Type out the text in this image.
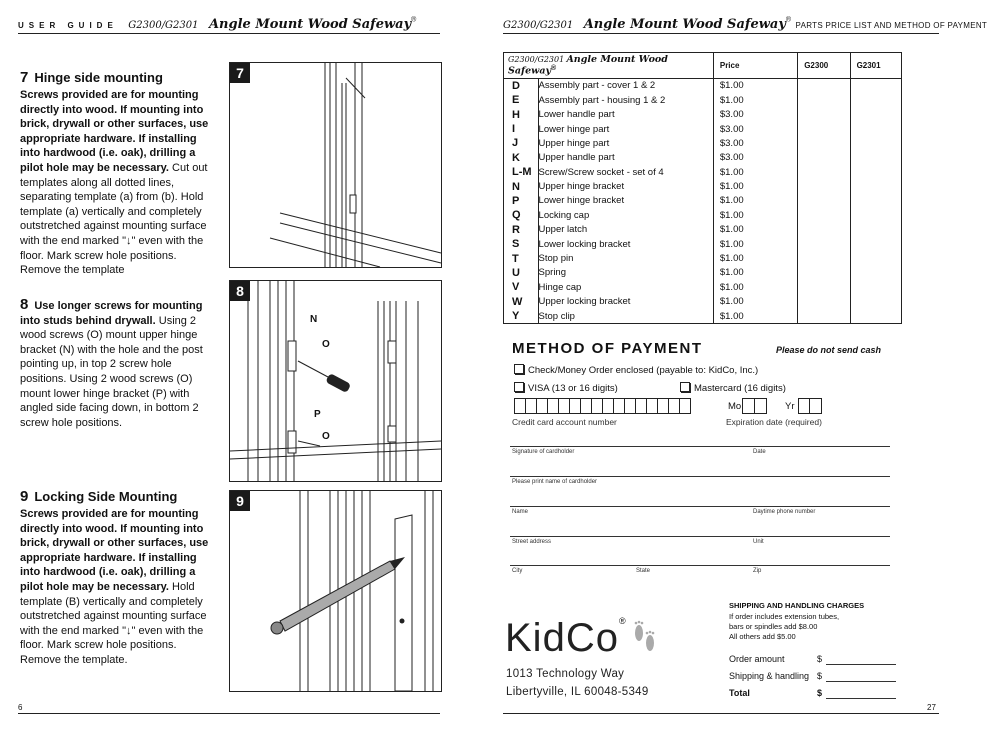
USER GUIDE G2300/G2301 Angle Mount Wood Safeway®
7 Hinge side mounting
Screws provided are for mounting directly into wood. If mounting into brick, drywall or other surfaces, use appropriate hardware. If installing into hardwood (i.e. oak), drilling a pilot hole may be necessary. Cut out templates along all dotted lines, separating template (a) from (b). Hold template (a) vertically and completely outstretched against mounting surface with the end marked "↓" even with the floor. Mark screw hole positions. Remove the template
8 Use longer screws for mounting into studs behind drywall. Using 2 wood screws (O) mount upper hinge bracket (N) with the hole and the post pointing up, in top 2 screw hole positions. Using 2 wood screws (O) mount lower hinge bracket (P) with angled side facing down, in bottom 2 screw hole positions.
9 Locking Side Mounting
Screws provided are for mounting directly into wood. If mounting into brick, drywall or other surfaces, use appropriate hardware. If installing into hardwood (i.e. oak), drilling a pilot hole may be necessary. Hold template (B) vertically and completely outstretched against mounting surface with the end marked "↓" even with the floor. Mark screw hole positions. Remove the template.
7
N
O
P
O
8
9
6
G2300/G2301 Angle Mount Wood Safeway® PARTS PRICE LIST AND METHOD OF PAYMENT
G2300/G2301 Angle Mount Wood Safeway®		Price	G2300	G2301
D	Assembly part - cover 1 & 2	$1.00		
E	Assembly part - housing 1 & 2	$1.00		
H	Lower handle part	$3.00		
I	Lower hinge part	$3.00		
J	Upper hinge part	$3.00		
K	Upper handle part	$3.00		
L-M	Screw/Screw socket - set of 4	$1.00		
N	Upper hinge bracket	$1.00		
P	Lower hinge bracket	$1.00		
Q	Locking cap	$1.00		
R	Upper latch	$1.00		
S	Lower locking bracket	$1.00		
T	Stop pin	$1.00		
U	Spring	$1.00		
V	Hinge cap	$1.00		
W	Upper locking bracket	$1.00		
Y	Stop clip	$1.00		
METHOD OF PAYMENT	Please do not send cash
Check/Money Order enclosed (payable to: KidCo, Inc.)
VISA (13 or 16 digits)	Mastercard (16 digits)
Mo	Yr
Credit card account number	Expiration date (required)
Signature of cardholder	Date
Please print name of cardholder
Name	Daytime phone number
Street address	Unit
City	State	Zip
KidCo®
1013 Technology Way
Libertyville, IL 60048-5349
SHIPPING AND HANDLING CHARGES
If order includes extension tubes,
bars or spindles add $8.00
All others add $5.00
Order amount	$
Shipping & handling $
Total	$
27
